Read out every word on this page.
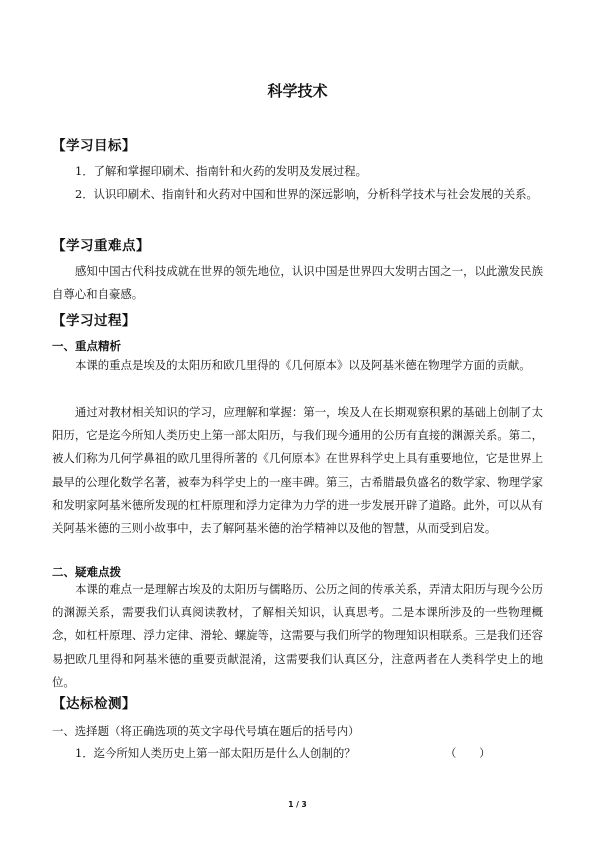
科学技术
【学习目标】
1．了解和掌握印刷术、指南针和火药的发明及发展过程。

2．认识印刷术、指南针和火药对中国和世界的深远影响，分析科学技术与社会发展的关系。

【学习重难点】

感知中国古代科技成就在世界的领先地位，认识中国是世界四大发明古国之一，以此激发民族自尊心和自豪感。

【学习过程】
一、重点精析

本课的重点是埃及的太阳历和欧几里得的《几何原本》以及阿基米德在物理学方面的贡献。

通过对教材相关知识的学习，应理解和掌握：第一，埃及人在长期观察积累的基础上创制了太阳历，它是迄今所知人类历史上第一部太阳历，与我们现今通用的公历有直接的渊源关系。第二，被人们称为几何学鼻祖的欧几里得所著的《几何原本》在世界科学史上具有重要地位，它是世界上最早的公理化数学名著，被奉为科学史上的一座丰碑。第三，古希腊最负盛名的数学家、物理学家和发明家阿基米德所发现的杠杆原理和浮力定律为力学的进一步发展开辟了道路。此外，可以从有关阿基米德的三则小故事中，去了解阿基米德的治学精神以及他的智慧，从而受到启发。

二、疑难点拨

本课的难点一是理解古埃及的太阳历与儒略历、公历之间的传承关系，弄清太阳历与现今公历的渊源关系，需要我们认真阅读教材，了解相关知识，认真思考。二是本课所涉及的一些物理概念，如杠杆原理、浮力定律、滑轮、螺旋等，这需要与我们所学的物理知识相联系。三是我们还容易把欧几里得和阿基米德的重要贡献混淆，这需要我们认真区分，注意两者在人类科学史上的地位。

【达标检测】
一、选择题（将正确选项的英文字母代号填在题后的括号内）
1．迄今所知人类历史上第一部太阳历是什么人创制的？	（　　）
1 / 3
